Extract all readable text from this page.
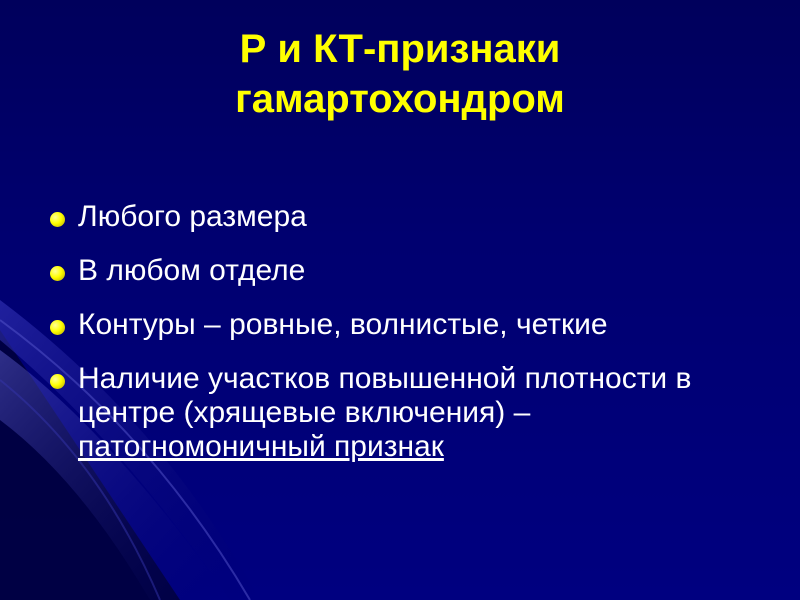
Р и КТ-признаки
гамартохондром
Любого размера
В любом отделе
Контуры – ровные, волнистые, четкие
Наличие участков повышенной плотности в центре (хрящевые включения) – патогномоничный признак
